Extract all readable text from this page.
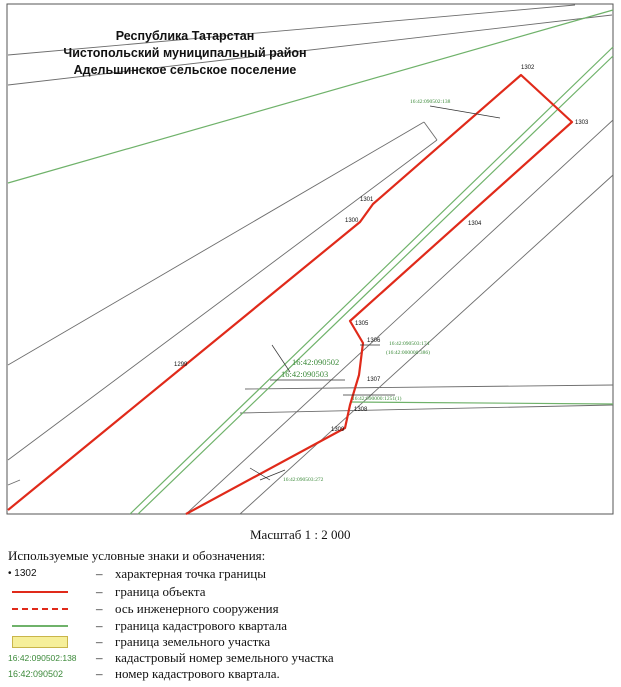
Республика Татарстан
Чистопольский муниципальный район
Адельшинское сельское поселение
1299
1300
1301
1302
1303
1304
1305
1306
1307
1308
1309
16:42:090502:138
16:42:090503:174
(16:42:000000:386)
16:42:090000:1251(1)
16:42:090503:272
16:42:090502
16:42:090503
Масштаб 1 : 2 000
Используемые условные знаки и обозначения:
• 1302	– характерная точка границы
– граница объекта
– ось инженерного сооружения
– граница кадастрового квартала
– граница земельного участка
16:42:090502:138 – кадастровый номер земельного участка
16:42:090502	– номер кадастрового квартала.
